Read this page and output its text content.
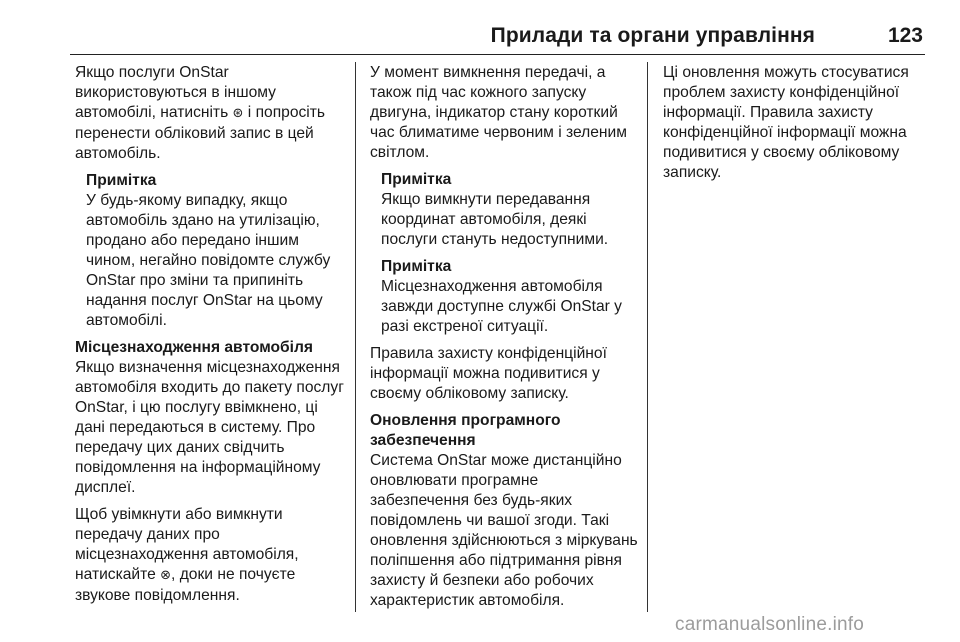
Прилади та органи управління	123

Якщо послуги OnStar використовуються в іншому автомобілі, натисніть ⊛ і попросіть перенести обліковий запис в цей автомобіль.

Примітка
У будь-якому випадку, якщо автомобіль здано на утилізацію, продано або передано іншим чином, негайно повідомте службу OnStar про зміни та припиніть надання послуг OnStar на цьому автомобілі.
Місцезнаходження автомобіля

Якщо визначення місцезнаходження автомобіля входить до пакету послуг OnStar, і цю послугу ввімкнено, ці дані передаються в систему. Про передачу цих даних свідчить повідомлення на інформаційному дисплеї.

Щоб увімкнути або вимкнути передачу даних про місцезнаходження автомобіля, натискайте ⊗, доки не почуєте звукове повідомлення.

У момент вимкнення передачі, а також під час кожного запуску двигуна, індикатор стану короткий час блиматиме червоним і зеленим світлом.

Примітка
Якщо вимкнути передавання координат автомобіля, деякі послуги стануть недоступними.
Примітка
Місцезнаходження автомобіля завжди доступне службі OnStar у разі екстреної ситуації.

Правила захисту конфіденційної інформації можна подивитися у своєму обліковому записку.

Оновлення програмного
забезпечення

Система OnStar може дистанційно оновлювати програмне забезпечення без будь-яких повідомлень чи вашої згоди. Такі оновлення здійснюються з міркувань поліпшення або підтримання рівня захисту й безпеки або робочих характеристик автомобіля.

Ці оновлення можуть стосуватися проблем захисту конфіденційної інформації. Правила захисту конфіденційної інформації можна подивитися у своєму обліковому записку.

carmanualsonline.info
